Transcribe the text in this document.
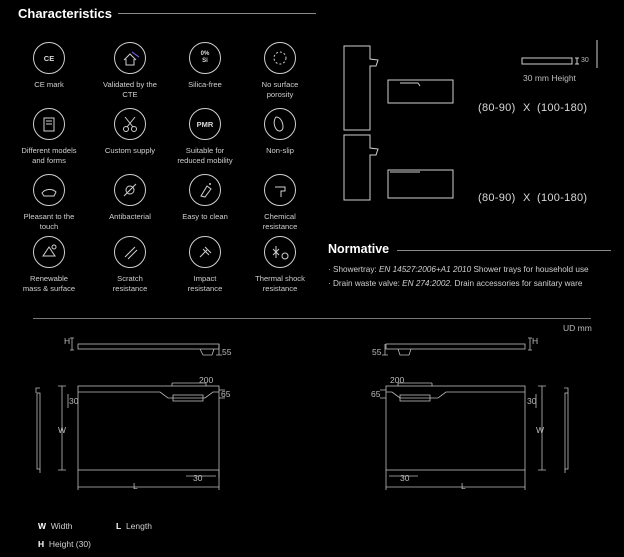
Characteristics
CE
CE mark	Validated by the CTE
0%
Si
Silica-free	No surface
porosity
Different models
and forms
Custom supply
PMR
Suitable for
reduced mobility
Non-slip
Pleasant to the
touch
Antibacterial	Easy to clean	Chemical
resistance
Renewable
mass & surface
Scratch
resistance
Impact
resistance
Thermal shock
resistance
30
30 mm Height
(80-90) X (100-180)
(80-90) X (100-180)
Normative
· Showertray: EN 14527:2006+A1 2010 Shower trays for household use
· Drain waste valve: EN 274:2002. Drain accessories for sanitary ware
UD mm
H
55
200
65
30
W
30
L
H
55
200
65
30
W
30
L
W Width	L Length
H Height (30)
